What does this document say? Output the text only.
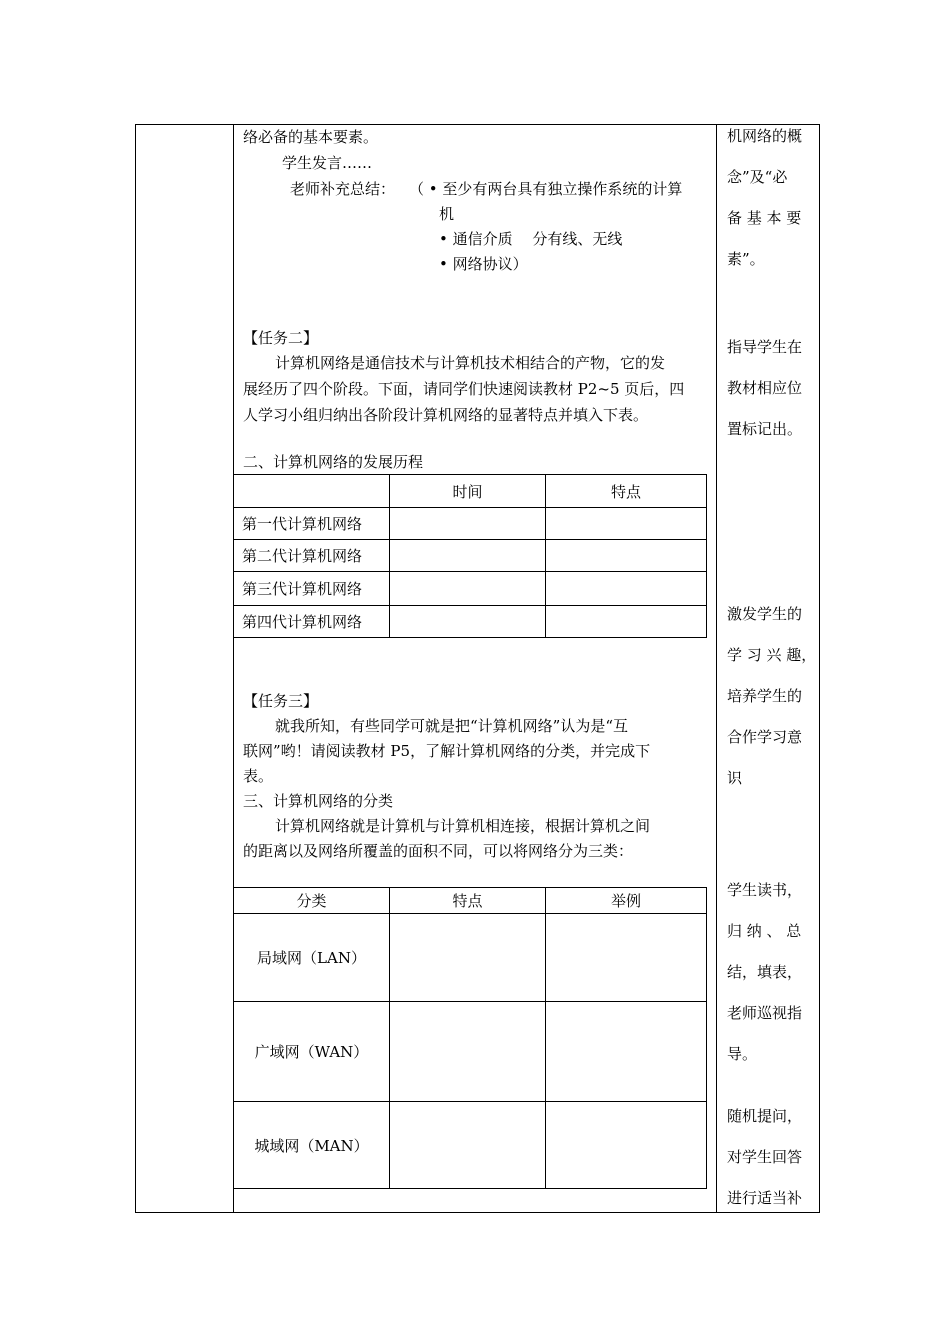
络必备的基本要素。
学生发言……
老师补充总结： （ • 至少有两台具有独立操作系统的计算
机
• 通信介质　 分有线、无线
• 网络协议）
【任务二】
计算机网络是通信技术与计算机技术相结合的产物，它的发
展经历了四个阶段。下面，请同学们快速阅读教材 P2~5 页后，四
人学习小组归纳出各阶段计算机网络的显著特点并填入下表。
二、计算机网络的发展历程
	时间	特点
第一代计算机网络		
第二代计算机网络		
第三代计算机网络		
第四代计算机网络		
【任务三】
就我所知，有些同学可就是把“计算机网络”认为是“互
联网”哟！请阅读教材 P5，了解计算机网络的分类，并完成下
表。
三、计算机网络的分类
计算机网络就是计算机与计算机相连接，根据计算机之间
的距离以及网络所覆盖的面积不同，可以将网络分为三类：
分类	特点	举例
局域网（LAN）		
广域网（WAN）		
城域网（MAN）		
机网络的概
念”及“必
备 基 本 要
素”。
指导学生在
教材相应位
置标记出。
激发学生的
学 习 兴 趣，
培养学生的
合作学习意
识
学生读书，
归 纳 、 总
结，填表，
老师巡视指
导。
随机提问，
对学生回答
进行适当补
